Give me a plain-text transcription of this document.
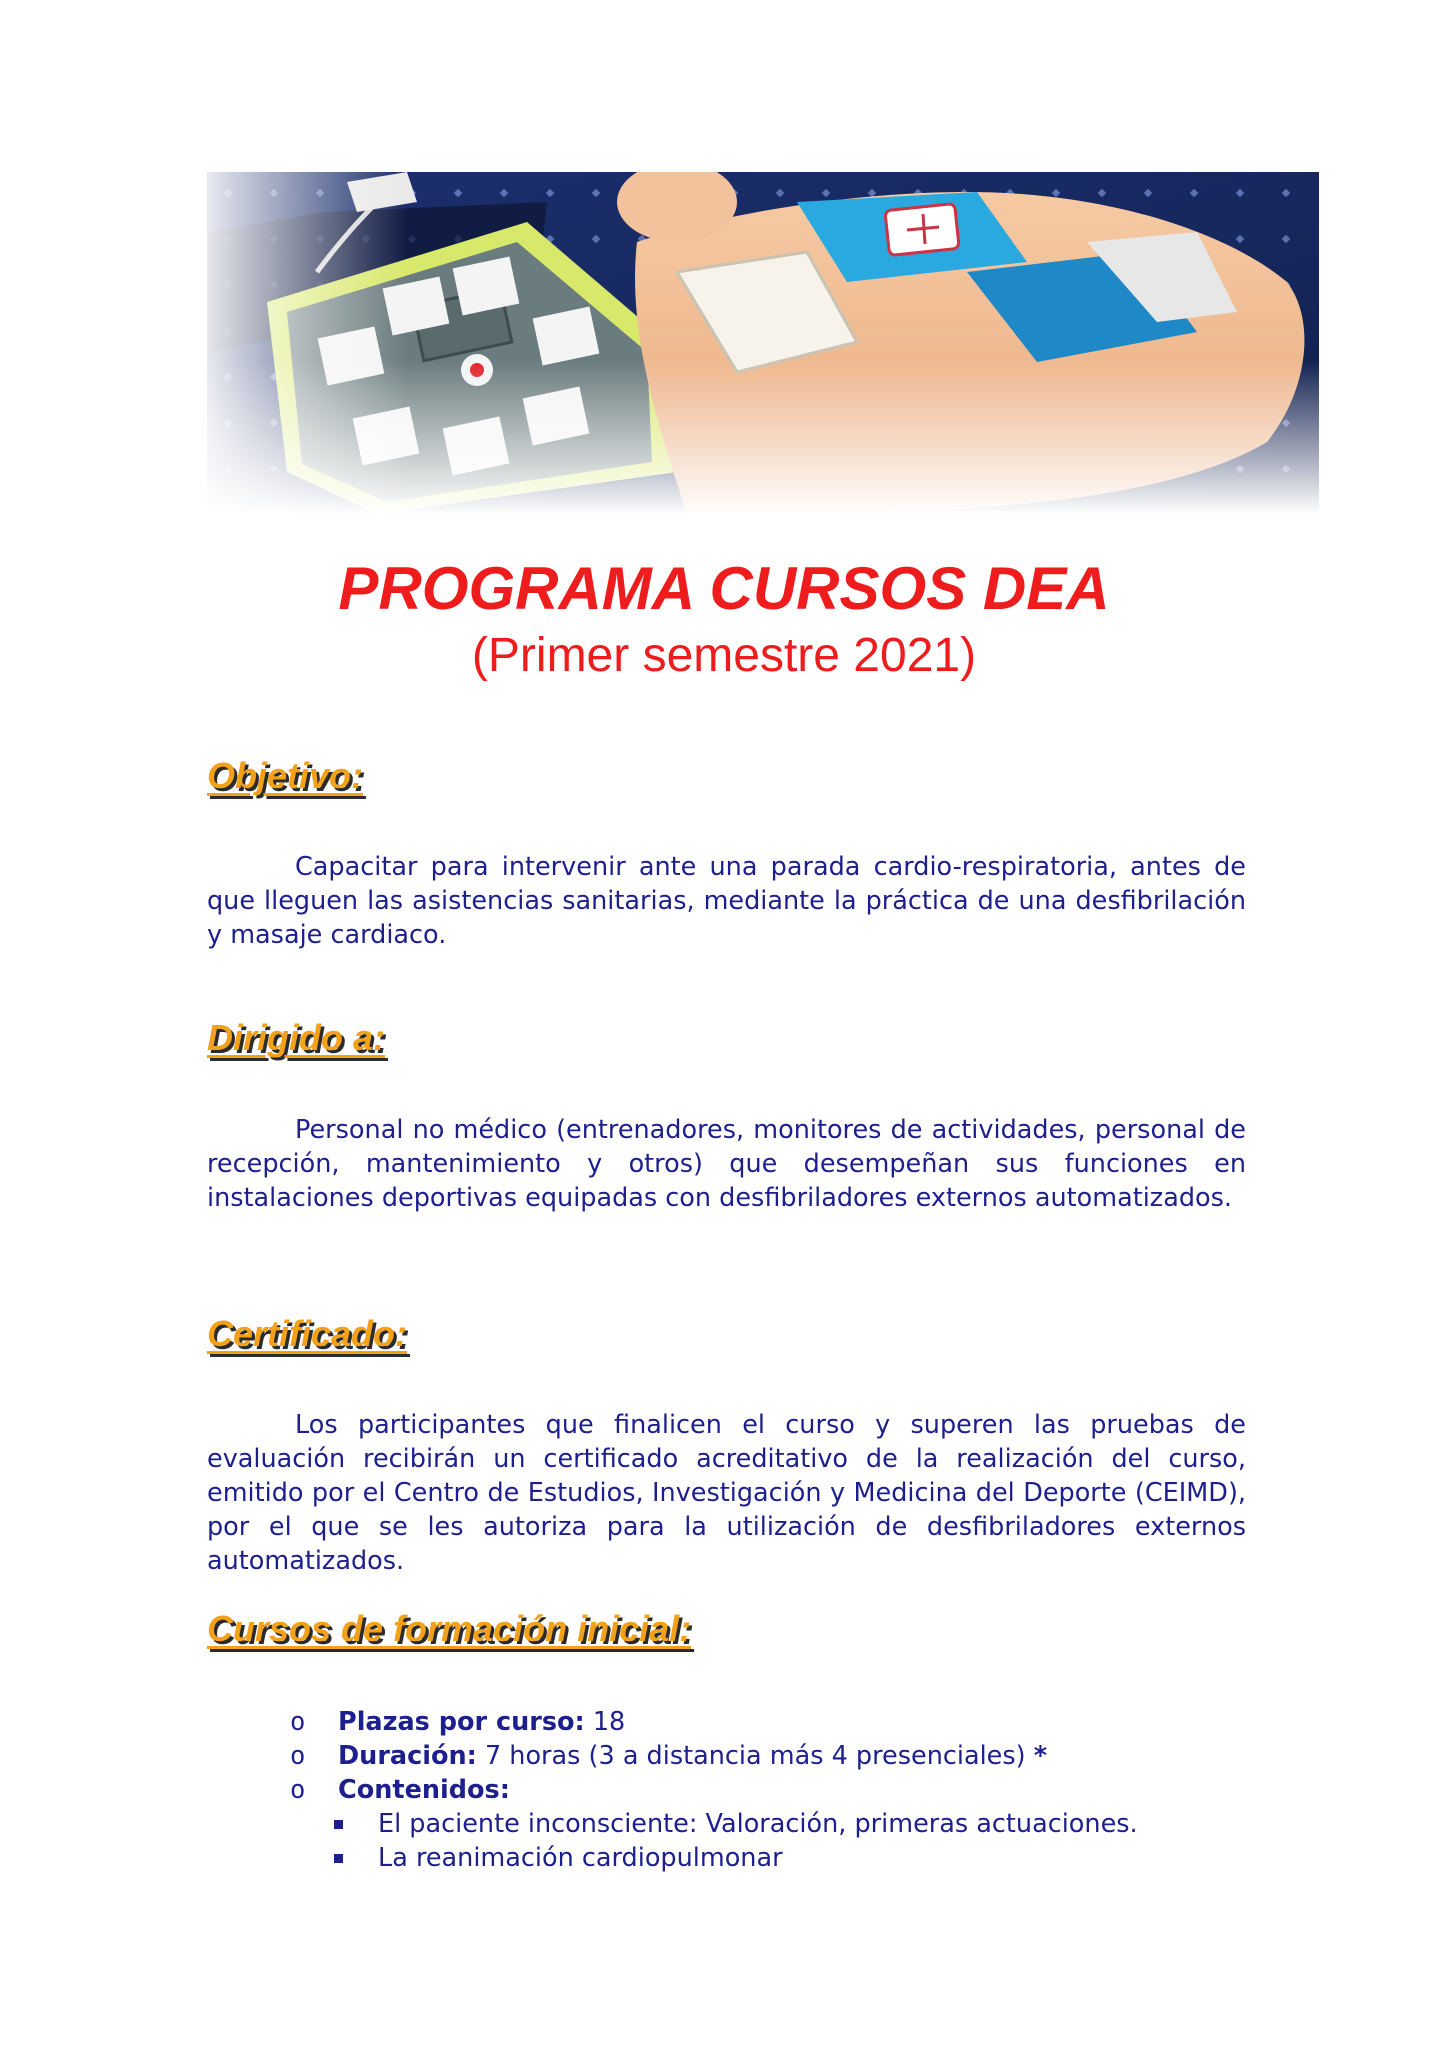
PROGRAMA CURSOS DEA

(Primer semestre 2021)

Objetivo:

Capacitar para intervenir ante una parada cardio-respiratoria, antes de que lleguen las asistencias sanitarias, mediante la práctica de una desfibrilación y masaje cardiaco.

Dirigido a:

Personal no médico (entrenadores, monitores de actividades, personal de recepción, mantenimiento y otros) que desempeñan sus funciones en instalaciones deportivas equipadas con desfibriladores externos automatizados.

Certificado:

Los participantes que finalicen el curso y superen las pruebas de evaluación recibirán un certificado acreditativo de la realización del curso, emitido por el Centro de Estudios, Investigación y Medicina del Deporte (CEIMD), por el que se les autoriza para la utilización de desfibriladores externos automatizados.

Cursos de formación inicial:
o Plazas por curso: 18
o Duración: 7 horas (3 a distancia más 4 presenciales) *
o Contenidos:
El paciente inconsciente: Valoración, primeras actuaciones.
La reanimación cardiopulmonar
